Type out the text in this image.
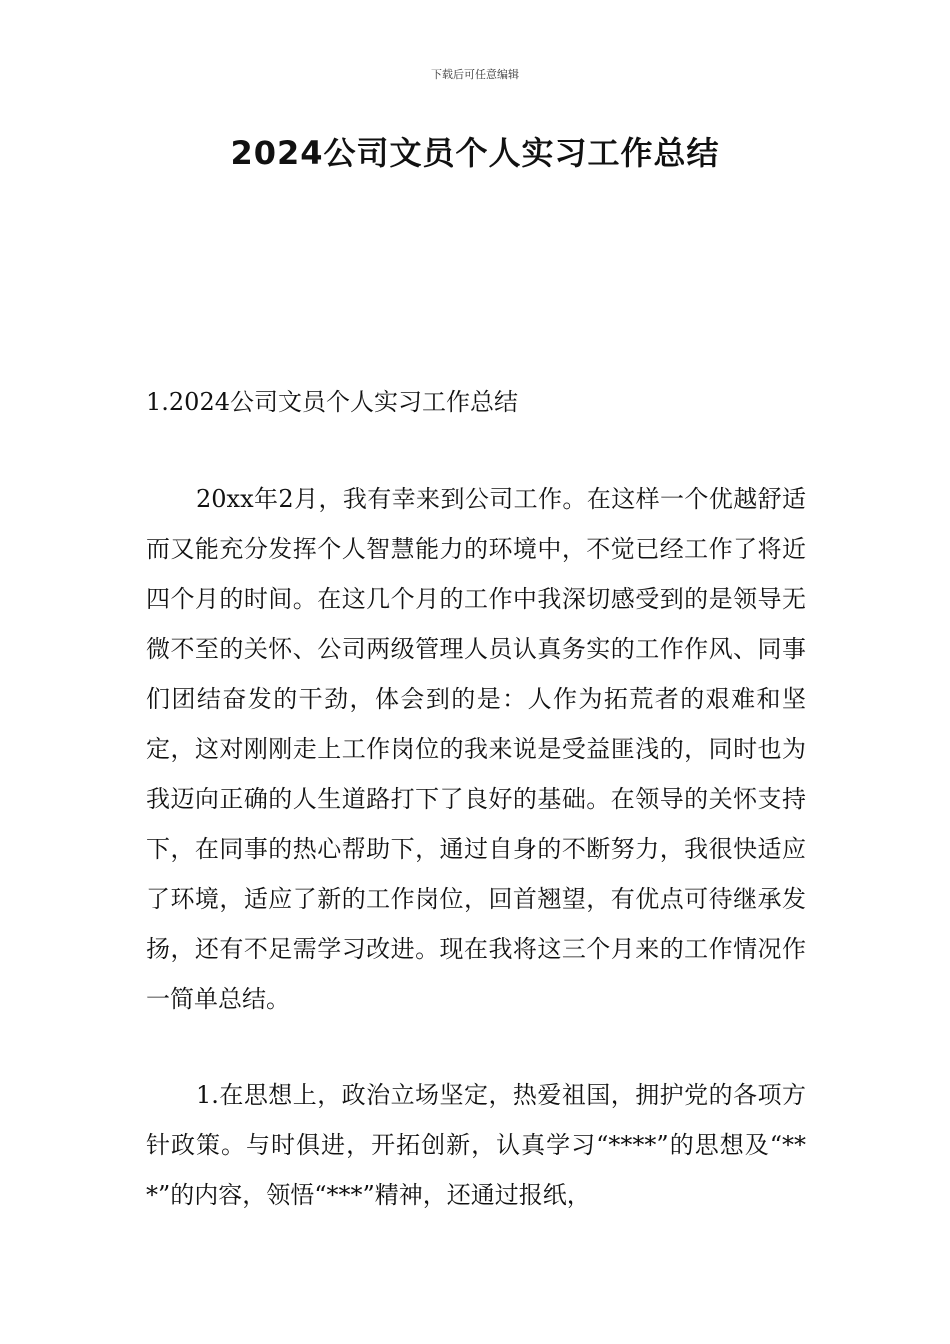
下载后可任意编辑
2024公司文员个人实习工作总结
1.2024公司文员个人实习工作总结

20xx年2月，我有幸来到公司工作。在这样一个优越舒适而又能充分发挥个人智慧能力的环境中，不觉已经工作了将近四个月的时间。在这几个月的工作中我深切感受到的是领导无微不至的关怀、公司两级管理人员认真务实的工作作风、同事们团结奋发的干劲，体会到的是：人作为拓荒者的艰难和坚定，这对刚刚走上工作岗位的我来说是受益匪浅的，同时也为我迈向正确的人生道路打下了良好的基础。在领导的关怀支持下，在同事的热心帮助下，通过自身的不断努力，我很快适应了环境，适应了新的工作岗位，回首翘望，有优点可待继承发扬，还有不足需学习改进。现在我将这三个月来的工作情况作一简单总结。

1.在思想上，政治立场坚定，热爱祖国，拥护党的各项方针政策。与时俱进，开拓创新，认真学习“****”的思想及“***”的内容，领悟“***”精神，还通过报纸，
